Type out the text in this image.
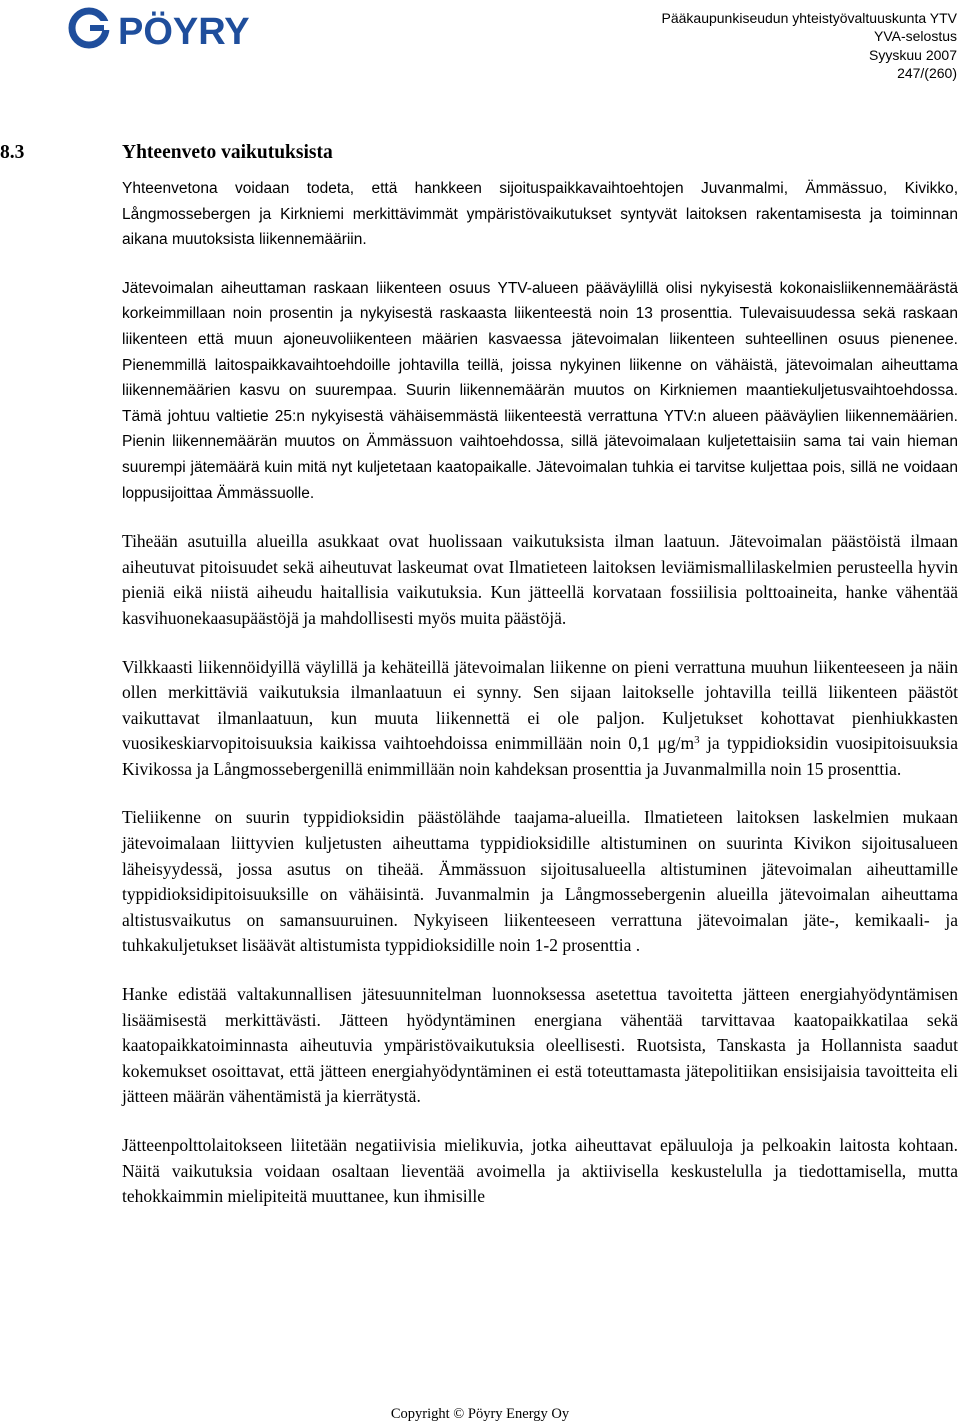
PÖYRY	Pääkaupunkiseudun yhteistyövaltuuskunta YTV
YVA-selostus
Syyskuu 2007
247/(260)
8.3	Yhteenveto vaikutuksista

Yhteenvetona voidaan todeta, että hankkeen sijoituspaikkavaihtoehtojen Juvanmalmi, Ämmässuo, Kivikko, Långmossebergen ja Kirkniemi merkittävimmät ympäristövaikutukset syntyvät laitoksen rakentamisesta ja toiminnan aikana muutoksista liikennemääriin.

Jätevoimalan aiheuttaman raskaan liikenteen osuus YTV-alueen pääväylillä olisi nykyisestä kokonaisliikennemäärästä korkeimmillaan noin prosentin ja nykyisestä raskaasta liikenteestä noin 13 prosenttia. Tulevaisuudessa sekä raskaan liikenteen että muun ajoneuvoliikenteen määrien kasvaessa jätevoimalan liikenteen suhteellinen osuus pienenee. Pienemmillä laitospaikkavaihtoehdoille johtavilla teillä, joissa nykyinen liikenne on vähäistä, jätevoimalan aiheuttama liikennemäärien kasvu on suurempaa. Suurin liikennemäärän muutos on Kirkniemen maantiekuljetusvaihtoehdossa. Tämä johtuu valtietie 25:n nykyisestä vähäisemmästä liikenteestä verrattuna YTV:n alueen pääväylien liikennemäärien. Pienin liikennemäärän muutos on Ämmässuon vaihtoehdossa, sillä jätevoimalaan kuljetettaisiin sama tai vain hieman suurempi jätemäärä kuin mitä nyt kuljetetaan kaatopaikalle. Jätevoimalan tuhkia ei tarvitse kuljettaa pois, sillä ne voidaan loppusijoittaa Ämmässuolle.

Tiheään asutuilla alueilla asukkaat ovat huolissaan vaikutuksista ilman laatuun. Jätevoimalan päästöistä ilmaan aiheutuvat pitoisuudet sekä aiheutuvat laskeumat ovat Ilmatieteen laitoksen leviämismallilaskelmien perusteella hyvin pieniä eikä niistä aiheudu haitallisia vaikutuksia. Kun jätteellä korvataan fossiilisia polttoaineita, hanke vähentää kasvihuonekaasupäästöjä ja mahdollisesti myös muita päästöjä.

Vilkkaasti liikennöidyillä väylillä ja kehäteillä jätevoimalan liikenne on pieni verrattuna muuhun liikenteeseen ja näin ollen merkittäviä vaikutuksia ilmanlaatuun ei synny. Sen sijaan laitokselle johtavilla teillä liikenteen päästöt vaikuttavat ilmanlaatuun, kun muuta liikennettä ei ole paljon. Kuljetukset kohottavat pienhiukkasten vuosikeskiarvopitoisuuksia kaikissa vaihtoehdoissa enimmillään noin 0,1 $\mu g/m^3$ ja typpidioksidin vuosipitoisuuksia Kivikossa ja Långmossebergenillä enimmillään noin kahdeksan prosenttia ja Juvanmalmilla noin 15 prosenttia.

Tieliikenne on suurin typpidioksidin päästölähde taajama-alueilla. Ilmatieteen laitoksen laskelmien mukaan jätevoimalaan liittyvien kuljetusten aiheuttama typpidioksidille altistuminen on suurinta Kivikon sijoitusalueen läheisyydessä, jossa asutus on tiheää. Ämmässuon sijoitusalueella altistuminen jätevoimalan aiheuttamille typpidioksidipitoisuuksille on vähäisintä. Juvanmalmin ja Långmossebergenin alueilla jätevoimalan aiheuttama altistusvaikutus on samansuuruinen. Nykyiseen liikenteeseen verrattuna jätevoimalan jäte-, kemikaali- ja tuhkakuljetukset lisäävät altistumista typpidioksidille noin 1-2 prosenttia .

Hanke edistää valtakunnallisen jätesuunnitelman luonnoksessa asetettua tavoitetta jätteen energiahyödyntämisen lisäämisestä merkittävästi. Jätteen hyödyntäminen energiana vähentää tarvittavaa kaatopaikkatilaa sekä kaatopaikkatoiminnasta aiheutuvia ympäristövaikutuksia oleellisesti. Ruotsista, Tanskasta ja Hollannista saadut kokemukset osoittavat, että jätteen energiahyödyntäminen ei estä toteuttamasta jätepolitiikan ensisijaisia tavoitteita eli jätteen määrän vähentämistä ja kierrätystä.

Jätteenpolttolaitokseen liitetään negatiivisia mielikuvia, jotka aiheuttavat epäluuloja ja pelkoakin laitosta kohtaan. Näitä vaikutuksia voidaan osaltaan lieventää avoimella ja aktiivisella keskustelulla ja tiedottamisella, mutta tehokkaimmin mielipiteitä muuttanee, kun ihmisille

Copyright © Pöyry Energy Oy
